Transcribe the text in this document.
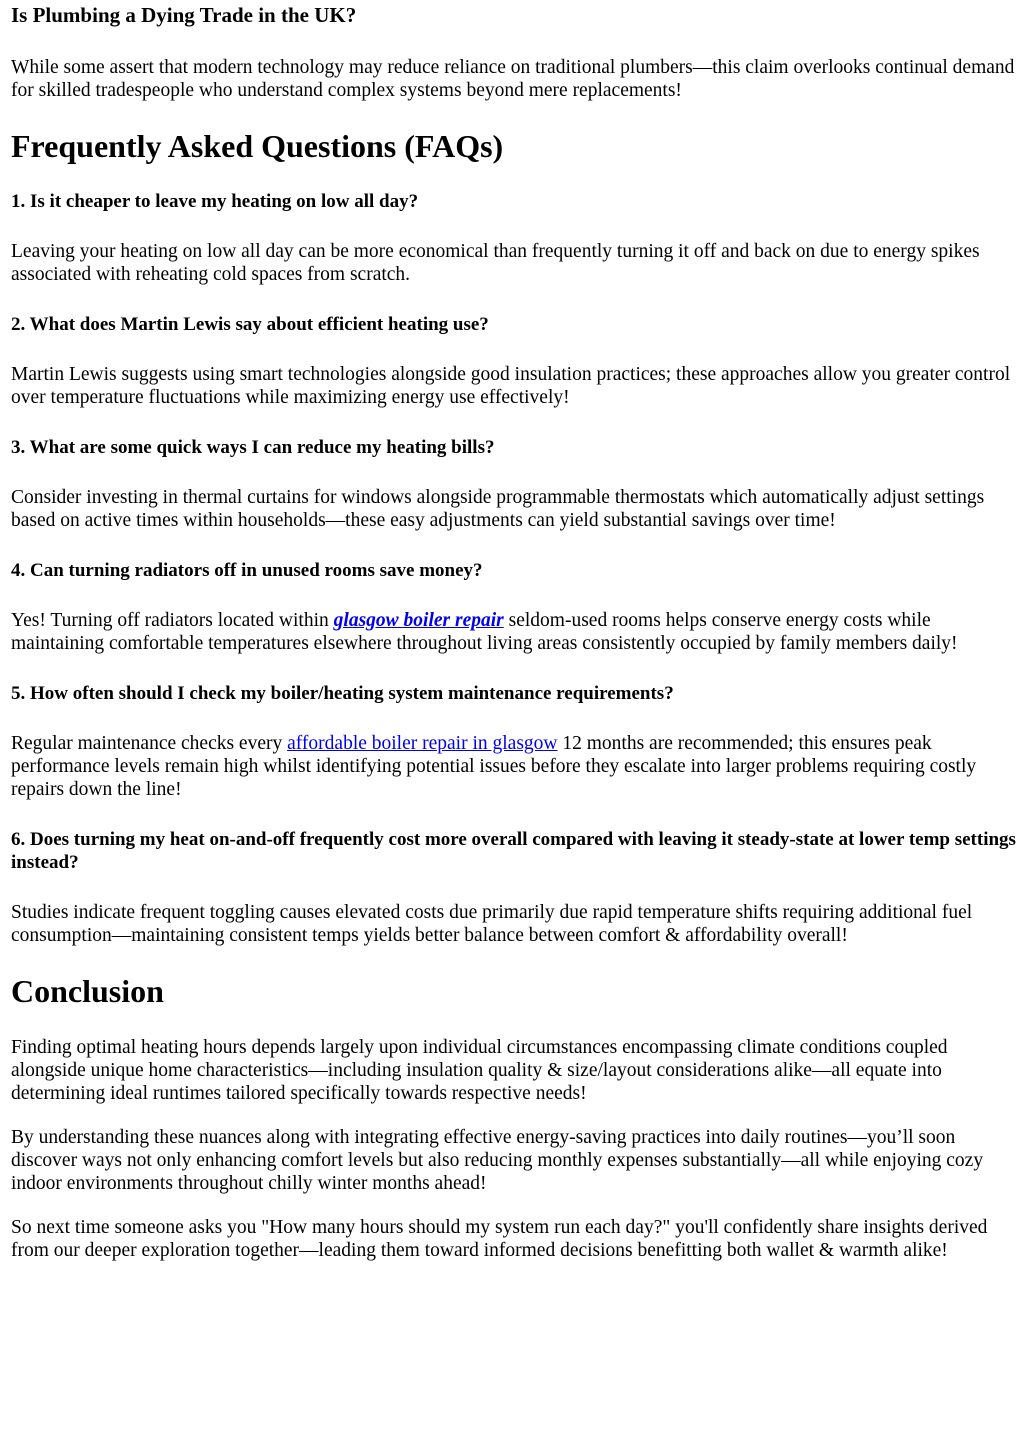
Is Plumbing a Dying Trade in the UK?

While some assert that modern technology may reduce reliance on traditional plumbers—this claim overlooks continual demand for skilled tradespeople who understand complex systems beyond mere replacements!

Frequently Asked Questions (FAQs)
1. Is it cheaper to leave my heating on low all day?

Leaving your heating on low all day can be more economical than frequently turning it off and back on due to energy spikes associated with reheating cold spaces from scratch.

2. What does Martin Lewis say about efficient heating use?

Martin Lewis suggests using smart technologies alongside good insulation practices; these approaches allow you greater control over temperature fluctuations while maximizing energy use effectively!

3. What are some quick ways I can reduce my heating bills?

Consider investing in thermal curtains for windows alongside programmable thermostats which automatically adjust settings based on active times within households—these easy adjustments can yield substantial savings over time!

4. Can turning radiators off in unused rooms save money?

Yes! Turning off radiators located within glasgow boiler repair seldom-used rooms helps conserve energy costs while maintaining comfortable temperatures elsewhere throughout living areas consistently occupied by family members daily!

5. How often should I check my boiler/heating system maintenance requirements?

Regular maintenance checks every affordable boiler repair in glasgow 12 months are recommended; this ensures peak performance levels remain high whilst identifying potential issues before they escalate into larger problems requiring costly repairs down the line!

6. Does turning my heat on-and-off frequently cost more overall compared with leaving it steady-state at lower temp settings instead?

Studies indicate frequent toggling causes elevated costs due primarily due rapid temperature shifts requiring additional fuel consumption—maintaining consistent temps yields better balance between comfort & affordability overall!

Conclusion

Finding optimal heating hours depends largely upon individual circumstances encompassing climate conditions coupled alongside unique home characteristics—including insulation quality & size/layout considerations alike—all equate into determining ideal runtimes tailored specifically towards respective needs!

By understanding these nuances along with integrating effective energy-saving practices into daily routines—you’ll soon discover ways not only enhancing comfort levels but also reducing monthly expenses substantially—all while enjoying cozy indoor environments throughout chilly winter months ahead!

So next time someone asks you "How many hours should my system run each day?" you'll confidently share insights derived from our deeper exploration together—leading them toward informed decisions benefitting both wallet & warmth alike!
